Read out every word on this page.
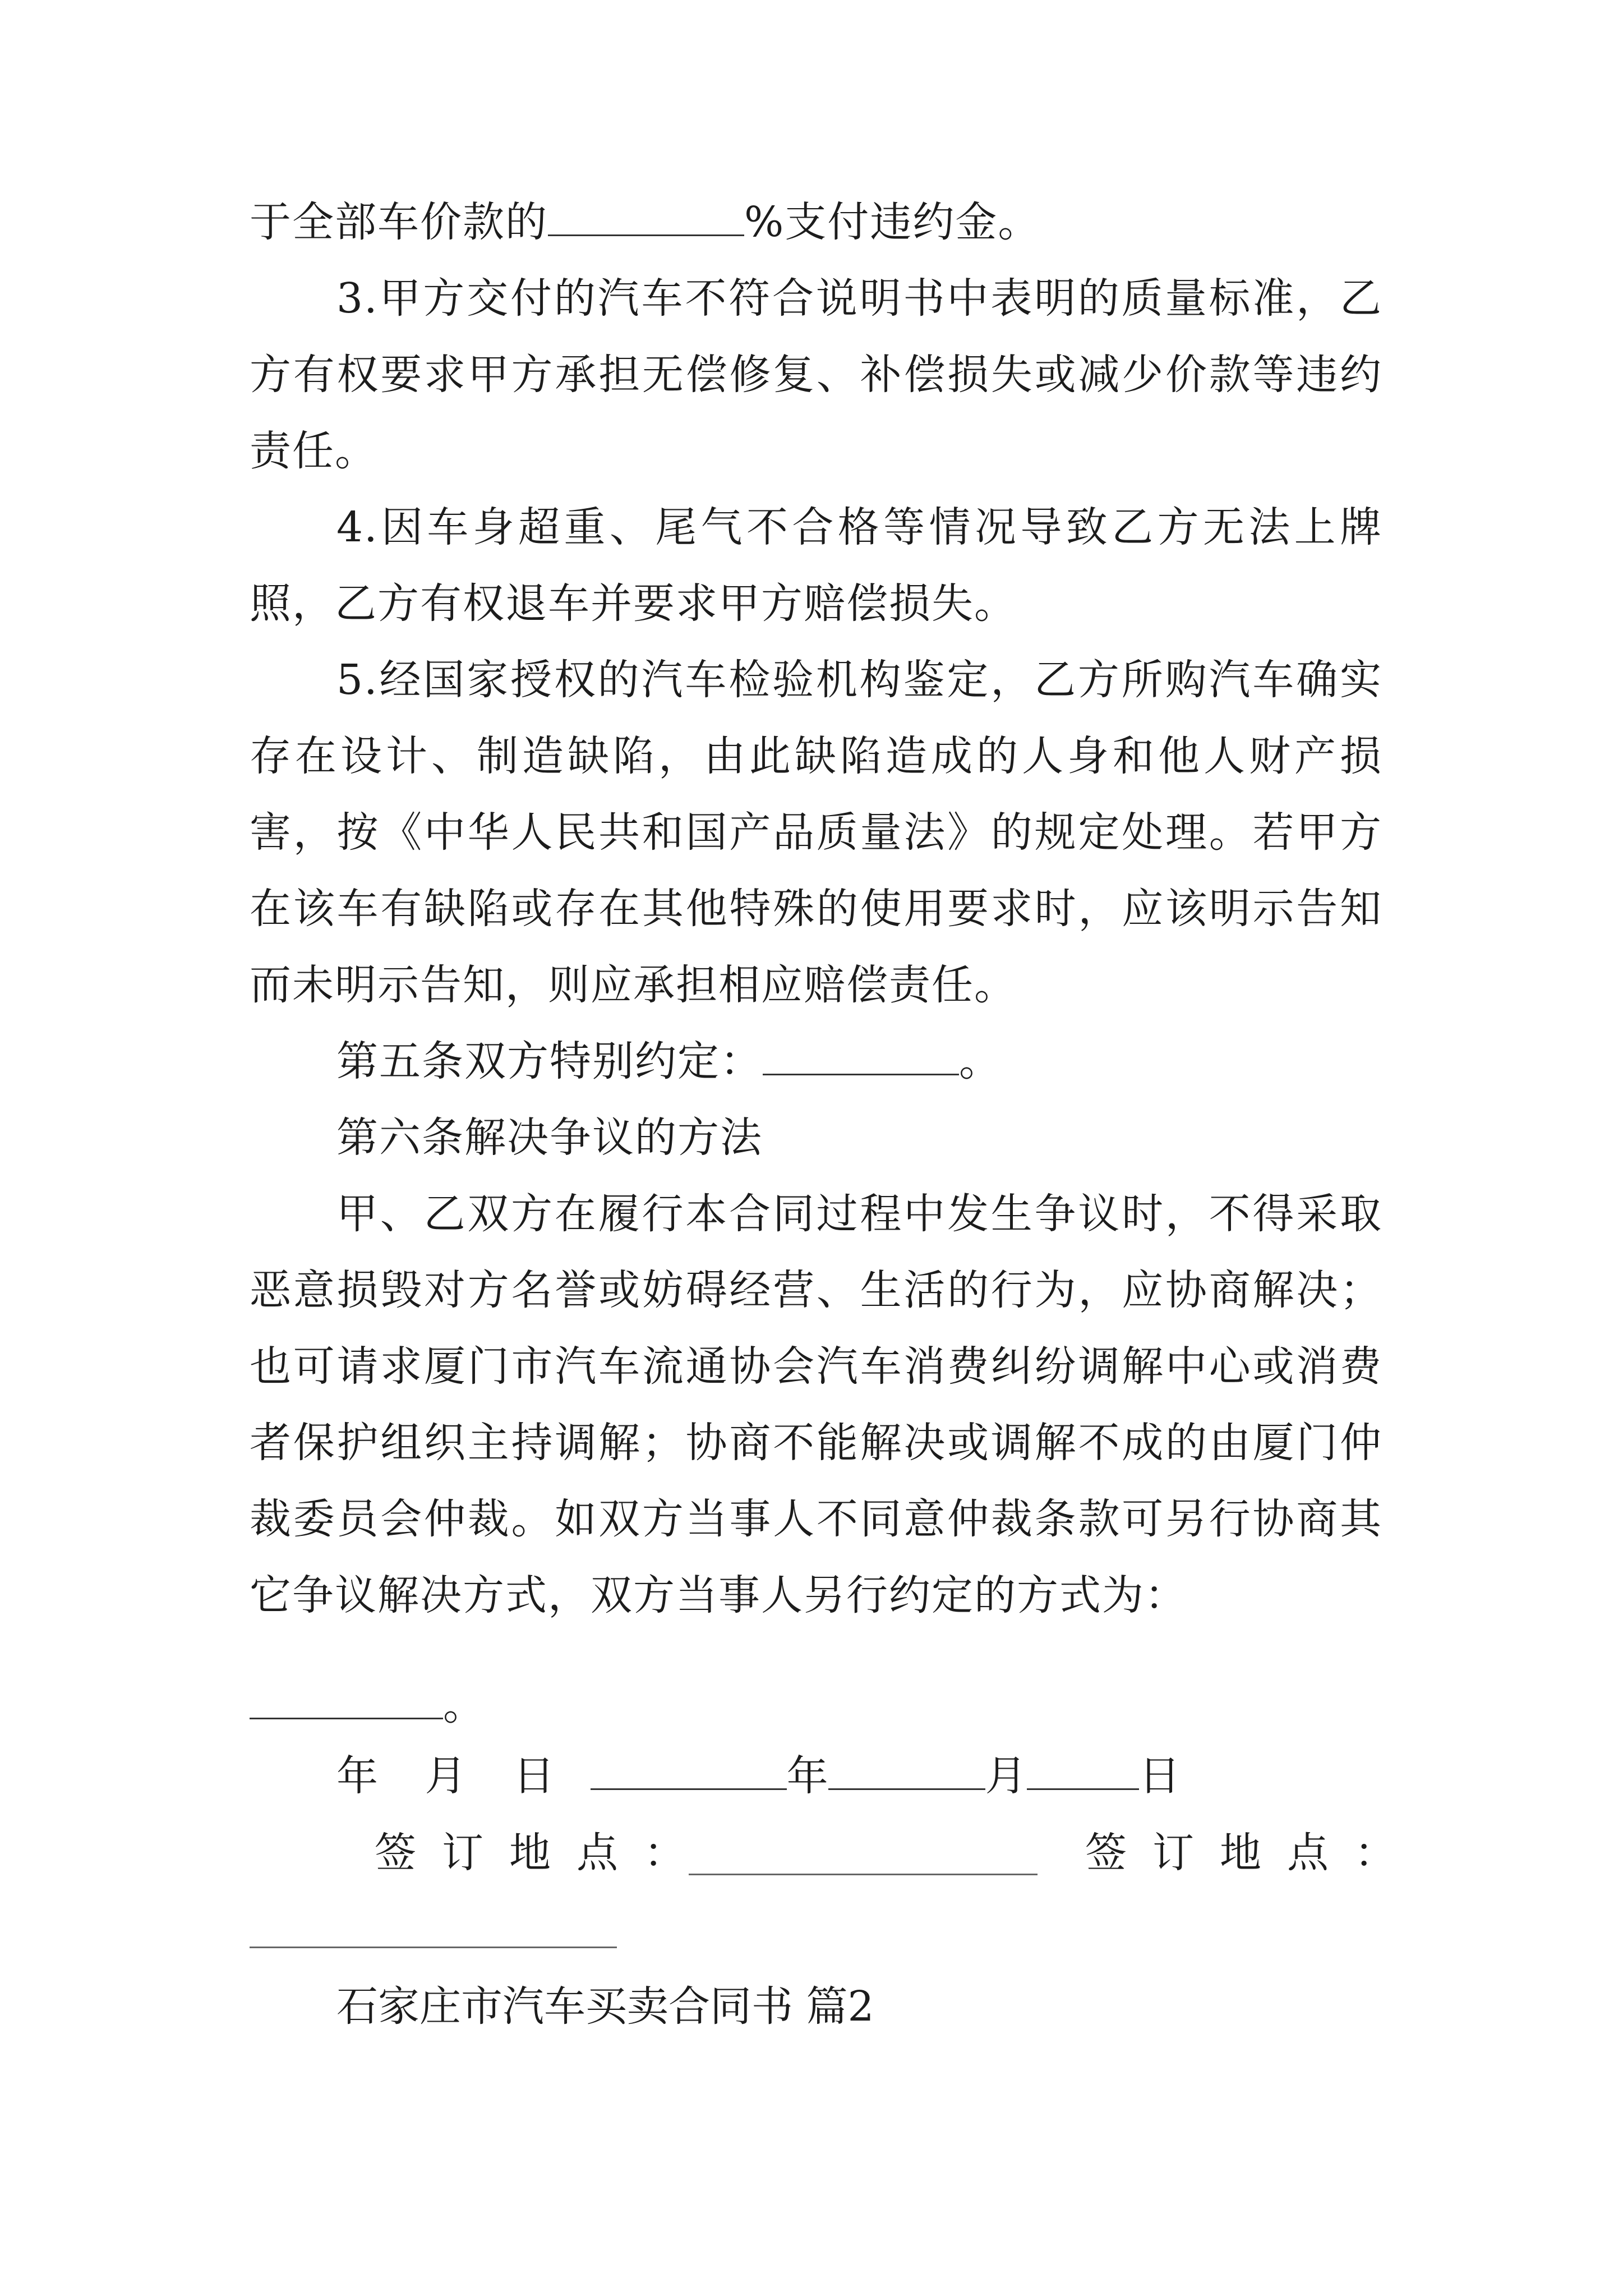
于全部车价款的	%支付违约金。

3.甲方交付的汽车不符合说明书中表明的质量标准，乙方有权要求甲方承担无偿修复、补偿损失或减少价款等违约责任。

4.因车身超重、尾气不合格等情况导致乙方无法上牌照，乙方有权退车并要求甲方赔偿损失。

5.经国家授权的汽车检验机构鉴定，乙方所购汽车确实存在设计、制造缺陷，由此缺陷造成的人身和他人财产损害，按《中华人民共和国产品质量法》的规定处理。若甲方在该车有缺陷或存在其他特殊的使用要求时，应该明示告知而未明示告知，则应承担相应赔偿责任。

第五条双方特别约定：	。

第六条解决争议的方法

甲、乙双方在履行本合同过程中发生争议时，不得采取恶意损毁对方名誉或妨碍经营、生活的行为，应协商解决；也可请求厦门市汽车流通协会汽车消费纠纷调解中心或消费者保护组织主持调解；协商不能解决或调解不成的由厦门仲裁委员会仲裁。如双方当事人不同意仲裁条款可另行协商其它争议解决方式，双方当事人另行约定的方式为：

。
年 月 日	年	月	日
签订地点：	签订地点：
石家庄市汽车买卖合同书 篇2
